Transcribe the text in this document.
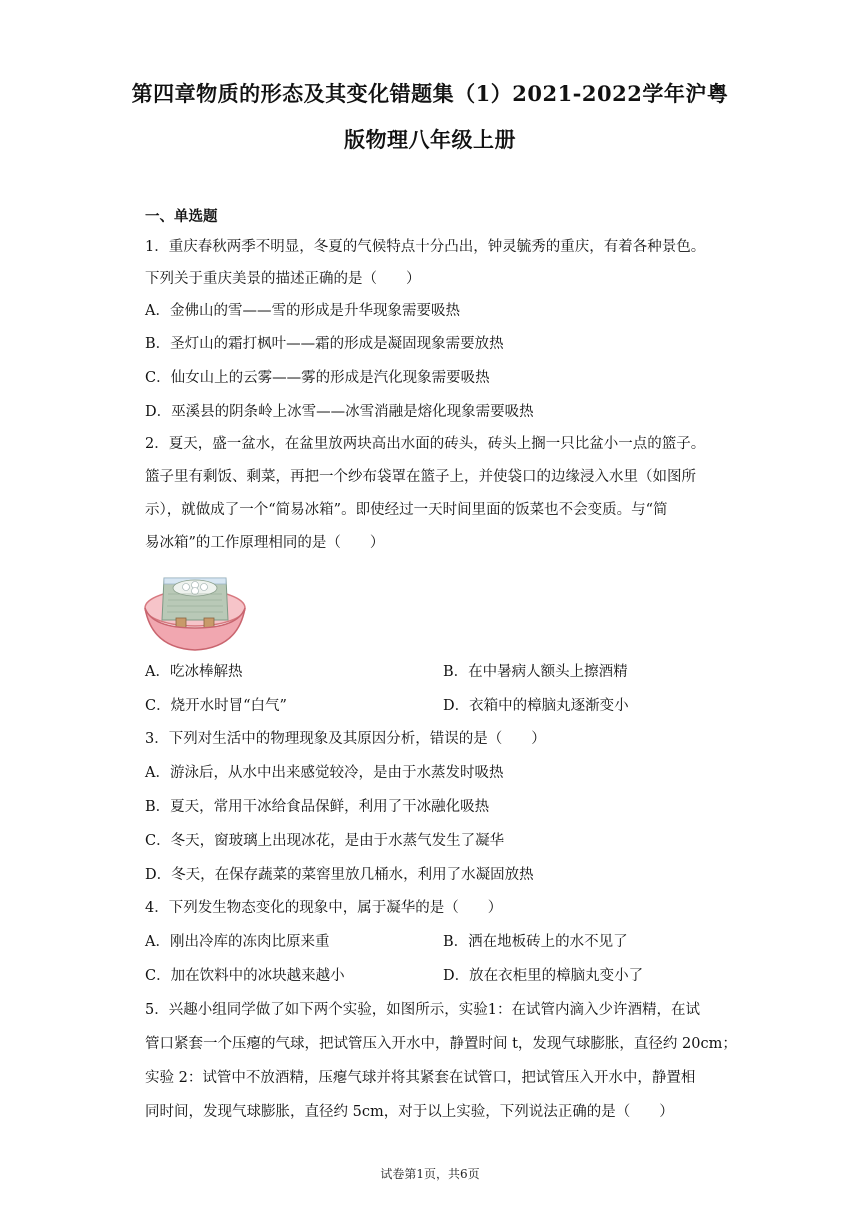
第四章物质的形态及其变化错题集（1）2021-2022学年沪粤
版物理八年级上册
一、单选题
1．重庆春秋两季不明显，冬夏的气候特点十分凸出，钟灵毓秀的重庆，有着各种景色。
下列关于重庆美景的描述正确的是（　　）
A．金佛山的雪——雪的形成是升华现象需要吸热
B．圣灯山的霜打枫叶——霜的形成是凝固现象需要放热
C．仙女山上的云雾——雾的形成是汽化现象需要吸热
D．巫溪县的阴条岭上冰雪——冰雪消融是熔化现象需要吸热
2．夏天，盛一盆水，在盆里放两块高出水面的砖头，砖头上搁一只比盆小一点的篮子。
篮子里有剩饭、剩菜，再把一个纱布袋罩在篮子上，并使袋口的边缘浸入水里（如图所
示），就做成了一个“简易冰箱”。即使经过一天时间里面的饭菜也不会变质。与“简
易冰箱”的工作原理相同的是（　　）
A．吃冰棒解热	B．在中暑病人额头上擦酒精
C．烧开水时冒“白气”	D．衣箱中的樟脑丸逐渐变小
3．下列对生活中的物理现象及其原因分析，错误的是（　　）
A．游泳后，从水中出来感觉较冷，是由于水蒸发时吸热
B．夏天，常用干冰给食品保鲜，利用了干冰融化吸热
C．冬天，窗玻璃上出现冰花，是由于水蒸气发生了凝华
D．冬天，在保存蔬菜的菜窖里放几桶水，利用了水凝固放热
4．下列发生物态变化的现象中，属于凝华的是（　　）
A．刚出冷库的冻肉比原来重	B．洒在地板砖上的水不见了
C．加在饮料中的冰块越来越小	D．放在衣柜里的樟脑丸变小了
5．兴趣小组同学做了如下两个实验，如图所示，实验1：在试管内滴入少许酒精，在试
管口紧套一个压瘪的气球，把试管压入开水中，静置时间 t，发现气球膨胀，直径约 20cm；
实验 2：试管中不放酒精，压瘪气球并将其紧套在试管口，把试管压入开水中，静置相
同时间，发现气球膨胀，直径约 5cm，对于以上实验，下列说法正确的是（　　）
试卷第1页，共6页
